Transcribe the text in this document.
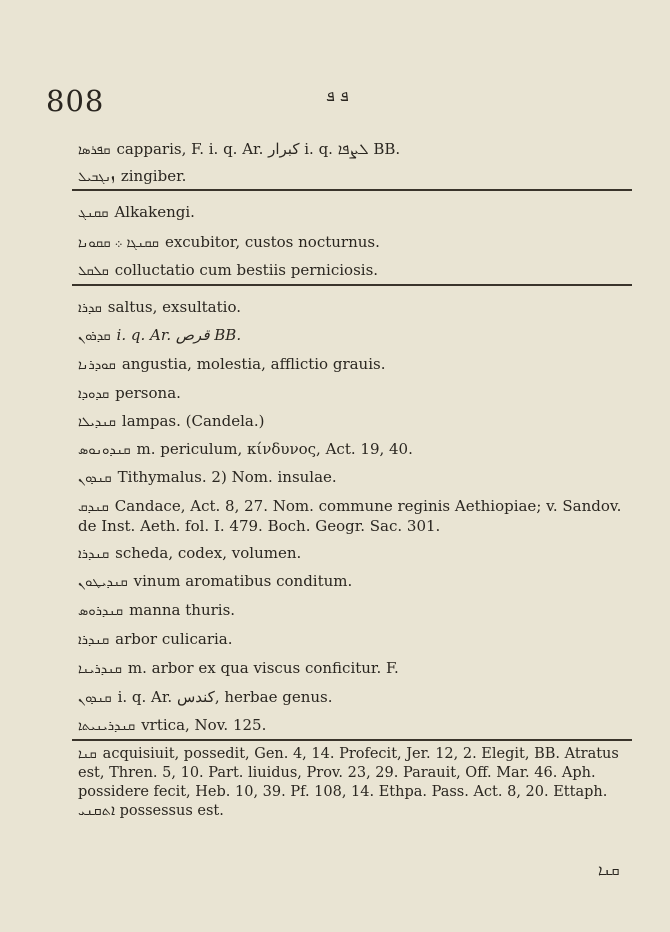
808	ܦ ܦ
ܩܦܪܣܐ capparis, F. i. q. Ar. كبرار i. q. ܠܨܦܐ BB.
ܙܢܓܒܝܠ zingiber.
ܩܩܢܓ Alkakengi.
ܩܩܢܓܐ ܀ ܩܩܘܢܐ excubitor, custos nocturnus.
ܩܠܩܠ colluctatio cum bestiis perniciosis.
ܩܕܪܐ saltus, exsultatio.
ܩܕܪܘܢ i. q. Ar. قرص BB.
ܩܘܕܪܢܐ angustia, molestia, afflictio grauis.
ܩܕܘܕܐ persona.
ܩܢܕܝܠܐ lampas. (Candela.)
ܩܢܕܘܢܘܣ m. periculum, κίνδυνος, Act. 19, 40.
ܩܢܕܘܢ Tithymalus. 2) Nom. insulae.
ܩܢܕܩ Candace, Act. 8, 27. Nom. commune reginis Aethiopiae; v. Sandov. de Inst. Aeth. fol. I. 479. Boch. Geogr. Sac. 301.
ܩܢܕܪܐ scheda, codex, volumen.
ܩܢܕܝܛܘܢ vinum aromatibus conditum.
ܩܢܕܪܘܣ manna thuris.
ܩܢܕܪܐ arbor culicaria.
ܩܢܕܪܝܢܐ m. arbor ex qua viscus conficitur. F.
ܩܢܕܘܢ i. q. Ar. كندس, herbae genus.
ܩܢܕܪܝܢܝܬܐ vrtica, Nov. 125.
ܩܢܐ acquisiuit, possedit, Gen. 4, 14. Profecit, Jer. 12, 2. Elegit, BB. Atratus est, Thren. 5, 10. Part. liuidus, Prov. 23, 29. Parauit, Off. Mar. 46. Aph. possidere fecit, Heb. 10, 39. Pf. 108, 14. Ethpa. Pass. Act. 8, 20. Ettaph. ܐܬܩܢܝ possessus est.
ܩܢܐ
